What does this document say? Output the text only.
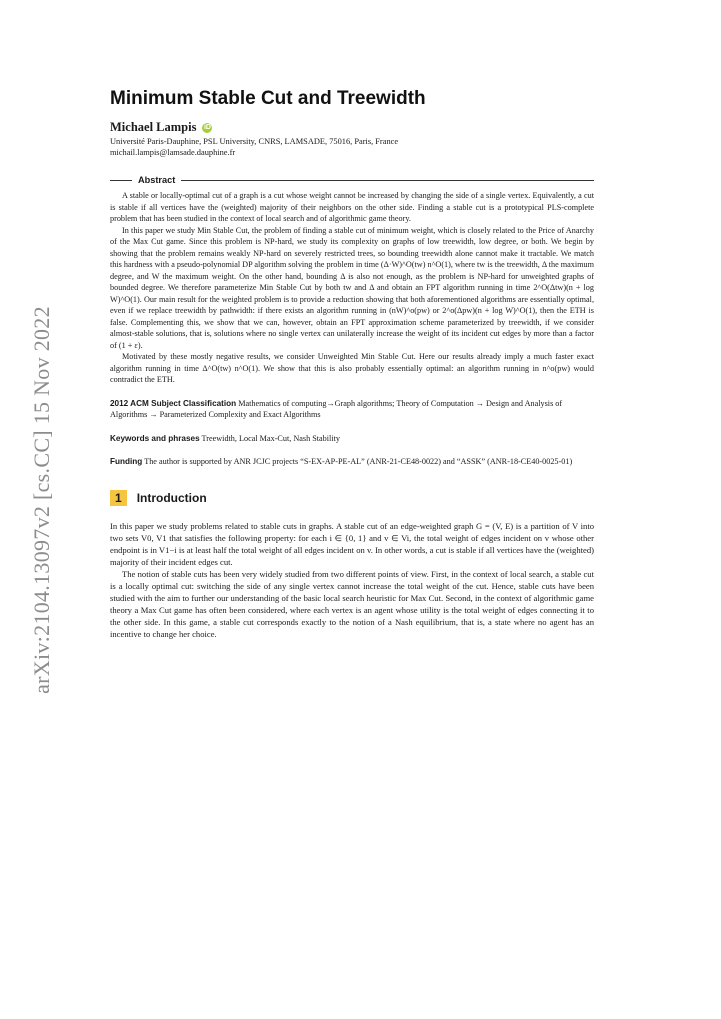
arXiv:2104.13097v2 [cs.CC] 15 Nov 2022
Minimum Stable Cut and Treewidth
Michael Lampis iD

Université Paris-Dauphine, PSL University, CNRS, LAMSADE, 75016, Paris, France

michail.lampis@lamsade.dauphine.fr

Abstract

A stable or locally-optimal cut of a graph is a cut whose weight cannot be increased by changing the side of a single vertex. Equivalently, a cut is stable if all vertices have the (weighted) majority of their neighbors on the other side. Finding a stable cut is a prototypical PLS-complete problem that has been studied in the context of local search and of algorithmic game theory.

In this paper we study Min Stable Cut, the problem of finding a stable cut of minimum weight, which is closely related to the Price of Anarchy of the Max Cut game. Since this problem is NP-hard, we study its complexity on graphs of low treewidth, low degree, or both. We begin by showing that the problem remains weakly NP-hard on severely restricted trees, so bounding treewidth alone cannot make it tractable. We match this hardness with a pseudo-polynomial DP algorithm solving the problem in time (Δ·W)^O(tw) n^O(1), where tw is the treewidth, Δ the maximum degree, and W the maximum weight. On the other hand, bounding Δ is also not enough, as the problem is NP-hard for unweighted graphs of bounded degree. We therefore parameterize Min Stable Cut by both tw and Δ and obtain an FPT algorithm running in time 2^O(Δtw)(n + log W)^O(1). Our main result for the weighted problem is to provide a reduction showing that both aforementioned algorithms are essentially optimal, even if we replace treewidth by pathwidth: if there exists an algorithm running in (nW)^o(pw) or 2^o(Δpw)(n + log W)^O(1), then the ETH is false. Complementing this, we show that we can, however, obtain an FPT approximation scheme parameterized by treewidth, if we consider almost-stable solutions, that is, solutions where no single vertex can unilaterally increase the weight of its incident cut edges by more than a factor of (1 + ε).

Motivated by these mostly negative results, we consider Unweighted Min Stable Cut. Here our results already imply a much faster exact algorithm running in time Δ^O(tw) n^O(1). We show that this is also probably essentially optimal: an algorithm running in n^o(pw) would contradict the ETH.

2012 ACM Subject Classification Mathematics of computing→Graph algorithms; Theory of Computation → Design and Analysis of Algorithms → Parameterized Complexity and Exact Algorithms
Keywords and phrases Treewidth, Local Max-Cut, Nash Stability
Funding The author is supported by ANR JCJC projects “S-EX-AP-PE-AL” (ANR-21-CE48-0022) and “ASSK” (ANR-18-CE40-0025-01)
1	Introduction

In this paper we study problems related to stable cuts in graphs. A stable cut of an edge-weighted graph G = (V, E) is a partition of V into two sets V0, V1 that satisfies the following property: for each i ∈ {0, 1} and v ∈ Vi, the total weight of edges incident on v whose other endpoint is in V1−i is at least half the total weight of all edges incident on v. In other words, a cut is stable if all vertices have the (weighted) majority of their incident edges cut.

The notion of stable cuts has been very widely studied from two different points of view. First, in the context of local search, a stable cut is a locally optimal cut: switching the side of any single vertex cannot increase the total weight of the cut. Hence, stable cuts have been studied with the aim to further our understanding of the basic local search heuristic for Max Cut. Second, in the context of algorithmic game theory a Max Cut game has often been considered, where each vertex is an agent whose utility is the total weight of edges connecting it to the other side. In this game, a stable cut corresponds exactly to the notion of a Nash equilibrium, that is, a state where no agent has an incentive to change her choice.
